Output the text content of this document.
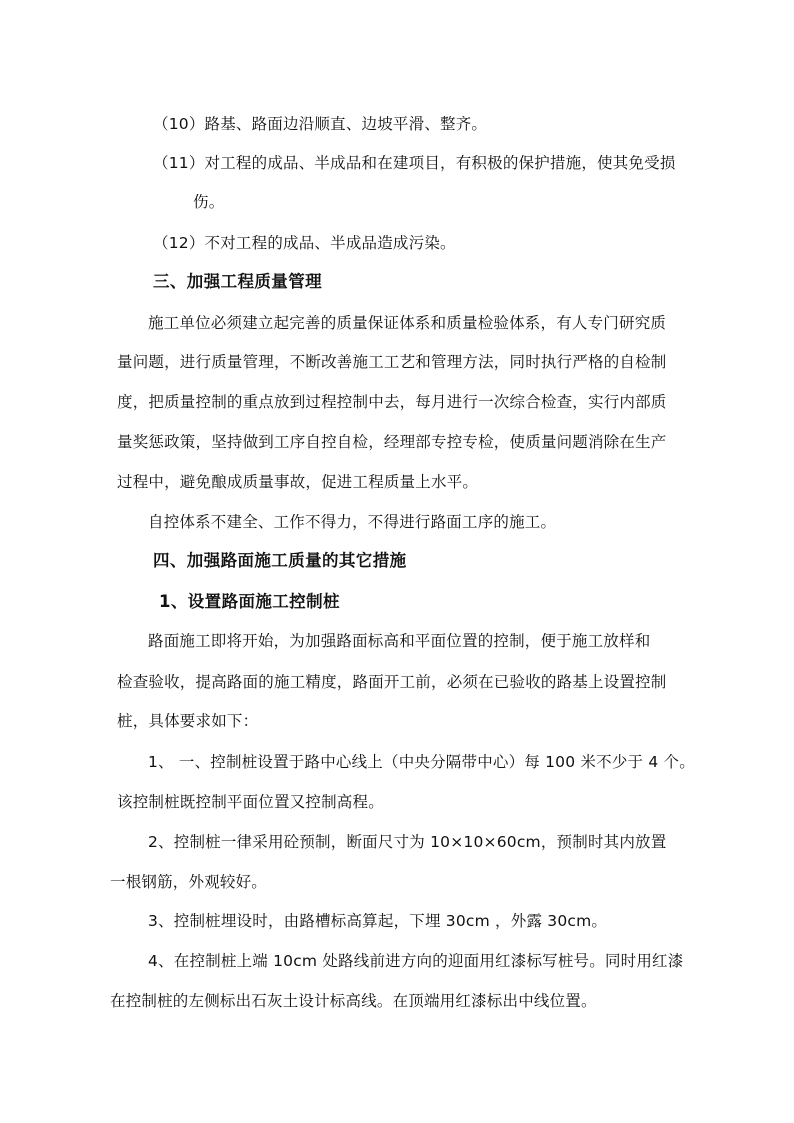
（10）路基、路面边沿顺直、边坡平滑、整齐。
（11）对工程的成品、半成品和在建项目，有积极的保护措施，使其免受损
伤。
（12）不对工程的成品、半成品造成污染。
三、加强工程质量管理
施工单位必须建立起完善的质量保证体系和质量检验体系，有人专门研究质
量问题，进行质量管理，不断改善施工工艺和管理方法，同时执行严格的自检制
度，把质量控制的重点放到过程控制中去，每月进行一次综合检查，实行内部质
量奖惩政策，坚持做到工序自控自检，经理部专控专检，使质量问题消除在生产
过程中，避免酿成质量事故，促进工程质量上水平。
自控体系不建全、工作不得力，不得进行路面工序的施工。
四、加强路面施工质量的其它措施
1、设置路面施工控制桩
路面施工即将开始，为加强路面标高和平面位置的控制，便于施工放样和
检查验收，提高路面的施工精度，路面开工前，必须在已验收的路基上设置控制
桩，具体要求如下：
1、 一、控制桩设置于路中心线上（中央分隔带中心）每 100 米不少于 4 个。
该控制桩既控制平面位置又控制高程。
2、控制桩一律采用砼预制，断面尺寸为 10×10×60cm，预制时其内放置
一根钢筋，外观较好。
3、控制桩埋设时，由路槽标高算起，下埋 30cm ，外露 30cm。
4、在控制桩上端 10cm 处路线前进方向的迎面用红漆标写桩号。同时用红漆
在控制桩的左侧标出石灰土设计标高线。在顶端用红漆标出中线位置。
